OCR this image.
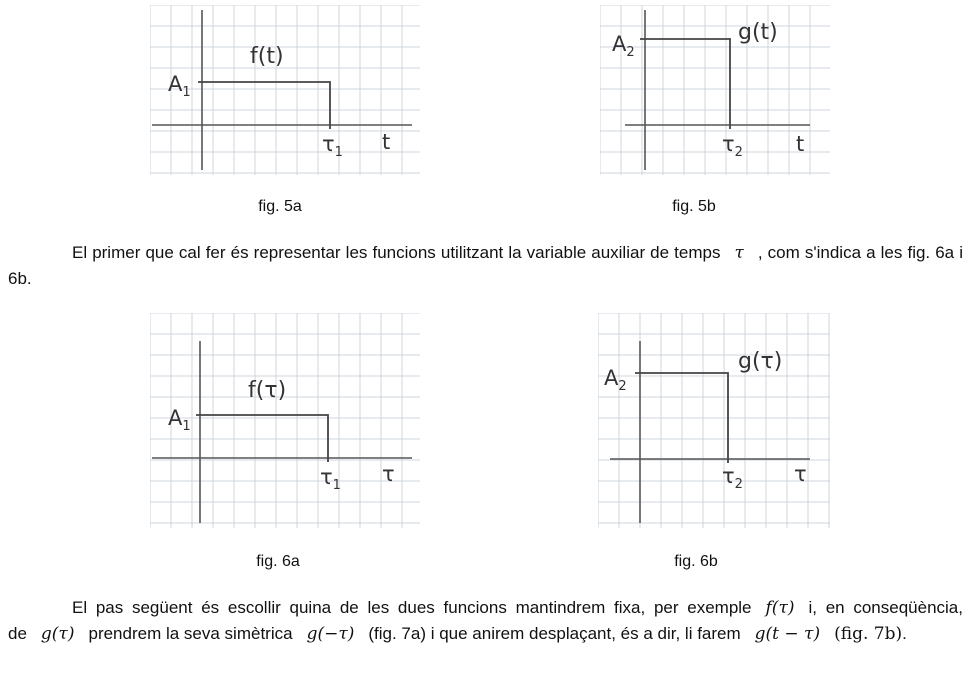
f(t)
$A_1$
$\tau_1$ t
fig. 5a
g(t)
$A_2$
$\tau_2$	t
fig. 5b
El primer que cal fer és representar les funcions utilitzant la variable auxiliar de temps τ , com s'indica a les fig. 6a i 6b.
f(τ)
$A_1$
$\tau_1$ τ
fig. 6a
g(τ)
$A_2$
$\tau_2$ τ
fig. 6b
El pas següent és escollir quina de les dues funcions mantindrem fixa, per exemple f(τ) i, en conseqüència, de g(τ) prendrem la seva simètrica g(−τ) (fig. 7a) i que anirem desplaçant, és a dir, li farem g(t − τ) (fig. 7b).
